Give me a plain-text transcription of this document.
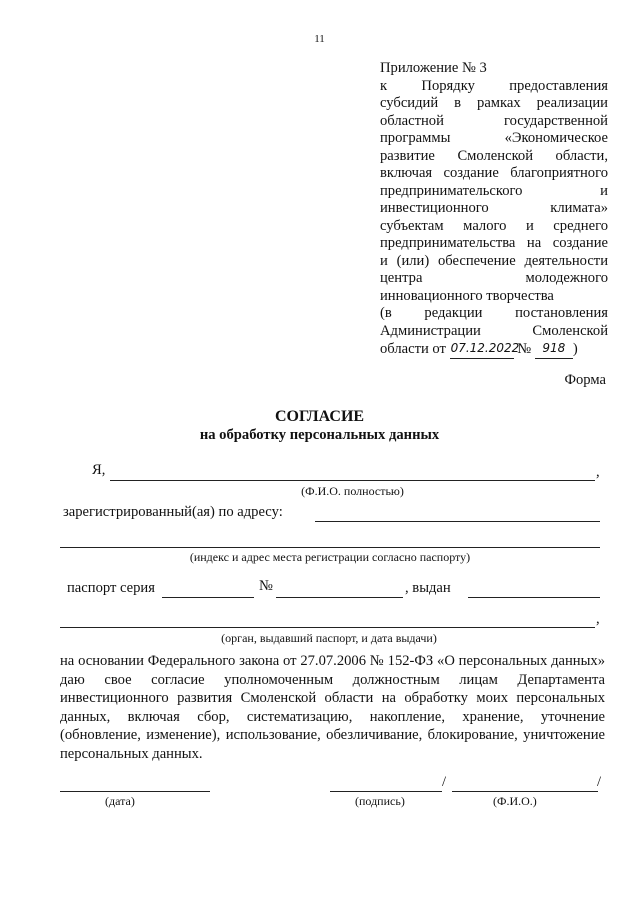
11
Приложение № 3
к Порядку предоставления
субсидий в рамках реализации
областной государственной
программы «Экономическое
развитие Смоленской области,
включая создание благоприятного
предпринимательского и
инвестиционного климата»
субъектам малого и среднего
предпринимательства на создание
и (или) обеспечение деятельности
центра молодежного
инновационного творчества
(в редакции постановления
Администрации Смоленской
области от
07.12.2022

№
918 )
Форма
СОГЛАСИЕ
на обработку персональных данных
Я,	,
(Ф.И.О. полностью)
зарегистрированный(ая) по адресу:
(индекс и адрес места регистрации согласно паспорту)
паспорт серия	№	, выдан
,
(орган, выдавший паспорт, и дата выдачи)
на основании Федерального закона от 27.07.2006 № 152-ФЗ «О персональных данных» даю свое согласие уполномоченным должностным лицам Департамента инвестиционного развития Смоленской области на обработку моих персональных данных, включая сбор, систематизацию, накопление, хранение, уточнение (обновление, изменение), использование, обезличивание, блокирование, уничтожение персональных данных.
(дата)
/	/
(подпись)	(Ф.И.О.)
